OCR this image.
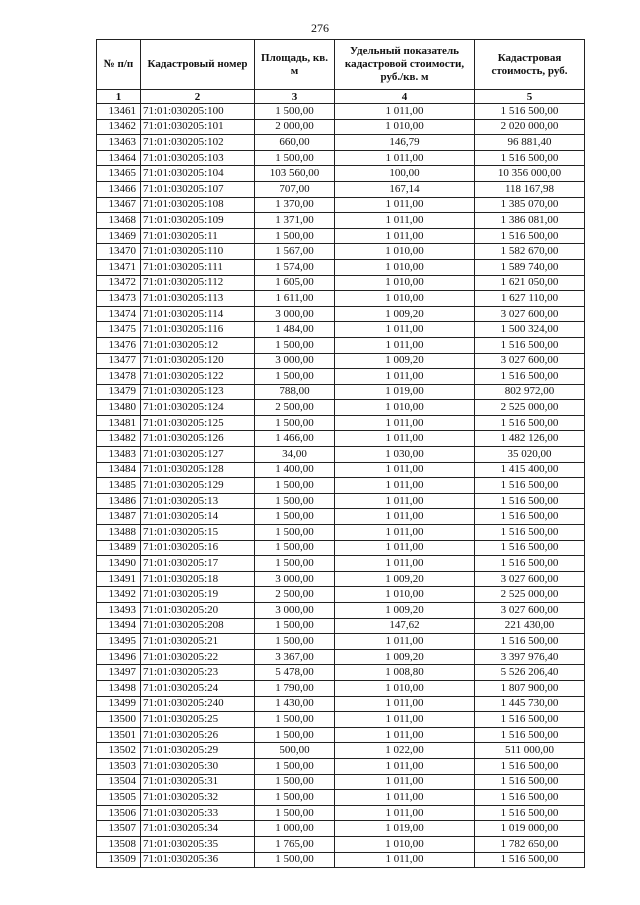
276
№ п/п	Кадастровый номер	Площадь, кв. м	Удельный показатель кадастровой стоимости, руб./кв. м	Кадастровая стоимость, руб.
1	2	3	4	5
13461	71:01:030205:100	1 500,00	1 011,00	1 516 500,00
13462	71:01:030205:101	2 000,00	1 010,00	2 020 000,00
13463	71:01:030205:102	660,00	146,79	96 881,40
13464	71:01:030205:103	1 500,00	1 011,00	1 516 500,00
13465	71:01:030205:104	103 560,00	100,00	10 356 000,00
13466	71:01:030205:107	707,00	167,14	118 167,98
13467	71:01:030205:108	1 370,00	1 011,00	1 385 070,00
13468	71:01:030205:109	1 371,00	1 011,00	1 386 081,00
13469	71:01:030205:11	1 500,00	1 011,00	1 516 500,00
13470	71:01:030205:110	1 567,00	1 010,00	1 582 670,00
13471	71:01:030205:111	1 574,00	1 010,00	1 589 740,00
13472	71:01:030205:112	1 605,00	1 010,00	1 621 050,00
13473	71:01:030205:113	1 611,00	1 010,00	1 627 110,00
13474	71:01:030205:114	3 000,00	1 009,20	3 027 600,00
13475	71:01:030205:116	1 484,00	1 011,00	1 500 324,00
13476	71:01:030205:12	1 500,00	1 011,00	1 516 500,00
13477	71:01:030205:120	3 000,00	1 009,20	3 027 600,00
13478	71:01:030205:122	1 500,00	1 011,00	1 516 500,00
13479	71:01:030205:123	788,00	1 019,00	802 972,00
13480	71:01:030205:124	2 500,00	1 010,00	2 525 000,00
13481	71:01:030205:125	1 500,00	1 011,00	1 516 500,00
13482	71:01:030205:126	1 466,00	1 011,00	1 482 126,00
13483	71:01:030205:127	34,00	1 030,00	35 020,00
13484	71:01:030205:128	1 400,00	1 011,00	1 415 400,00
13485	71:01:030205:129	1 500,00	1 011,00	1 516 500,00
13486	71:01:030205:13	1 500,00	1 011,00	1 516 500,00
13487	71:01:030205:14	1 500,00	1 011,00	1 516 500,00
13488	71:01:030205:15	1 500,00	1 011,00	1 516 500,00
13489	71:01:030205:16	1 500,00	1 011,00	1 516 500,00
13490	71:01:030205:17	1 500,00	1 011,00	1 516 500,00
13491	71:01:030205:18	3 000,00	1 009,20	3 027 600,00
13492	71:01:030205:19	2 500,00	1 010,00	2 525 000,00
13493	71:01:030205:20	3 000,00	1 009,20	3 027 600,00
13494	71:01:030205:208	1 500,00	147,62	221 430,00
13495	71:01:030205:21	1 500,00	1 011,00	1 516 500,00
13496	71:01:030205:22	3 367,00	1 009,20	3 397 976,40
13497	71:01:030205:23	5 478,00	1 008,80	5 526 206,40
13498	71:01:030205:24	1 790,00	1 010,00	1 807 900,00
13499	71:01:030205:240	1 430,00	1 011,00	1 445 730,00
13500	71:01:030205:25	1 500,00	1 011,00	1 516 500,00
13501	71:01:030205:26	1 500,00	1 011,00	1 516 500,00
13502	71:01:030205:29	500,00	1 022,00	511 000,00
13503	71:01:030205:30	1 500,00	1 011,00	1 516 500,00
13504	71:01:030205:31	1 500,00	1 011,00	1 516 500,00
13505	71:01:030205:32	1 500,00	1 011,00	1 516 500,00
13506	71:01:030205:33	1 500,00	1 011,00	1 516 500,00
13507	71:01:030205:34	1 000,00	1 019,00	1 019 000,00
13508	71:01:030205:35	1 765,00	1 010,00	1 782 650,00
13509	71:01:030205:36	1 500,00	1 011,00	1 516 500,00
